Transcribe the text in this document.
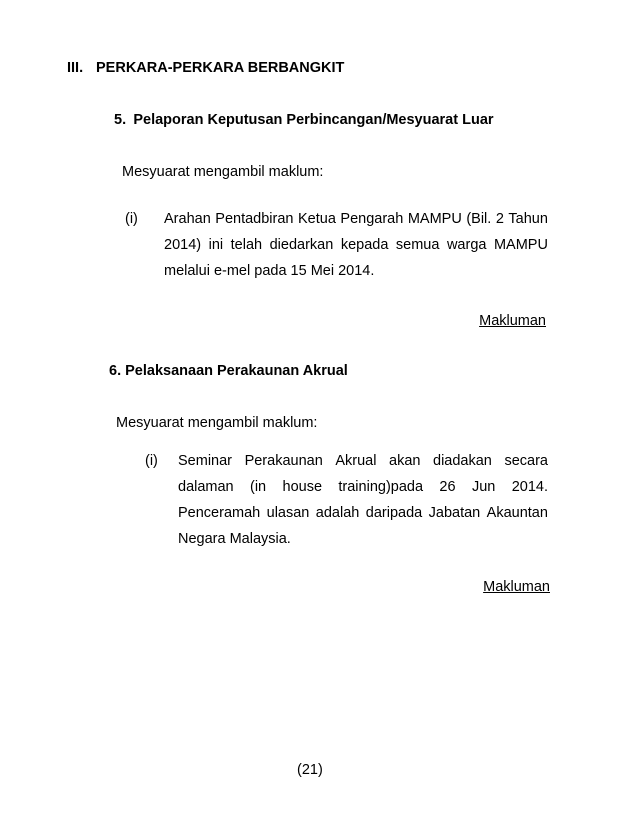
III. PERKARA-PERKARA BERBANGKIT
5. Pelaporan Keputusan Perbincangan/Mesyuarat Luar
Mesyuarat mengambil maklum:
(i) Arahan Pentadbiran Ketua Pengarah MAMPU (Bil. 2 Tahun
2014) ini telah diedarkan kepada semua warga MAMPU
melalui e-mel pada 15 Mei 2014.
Makluman
6. Pelaksanaan Perakaunan Akrual
Mesyuarat mengambil maklum:
(i) Seminar Perakaunan Akrual akan diadakan secara
dalaman (in house training)pada 26 Jun 2014.
Penceramah ulasan adalah daripada Jabatan Akauntan
Negara Malaysia.
Makluman
(21)
